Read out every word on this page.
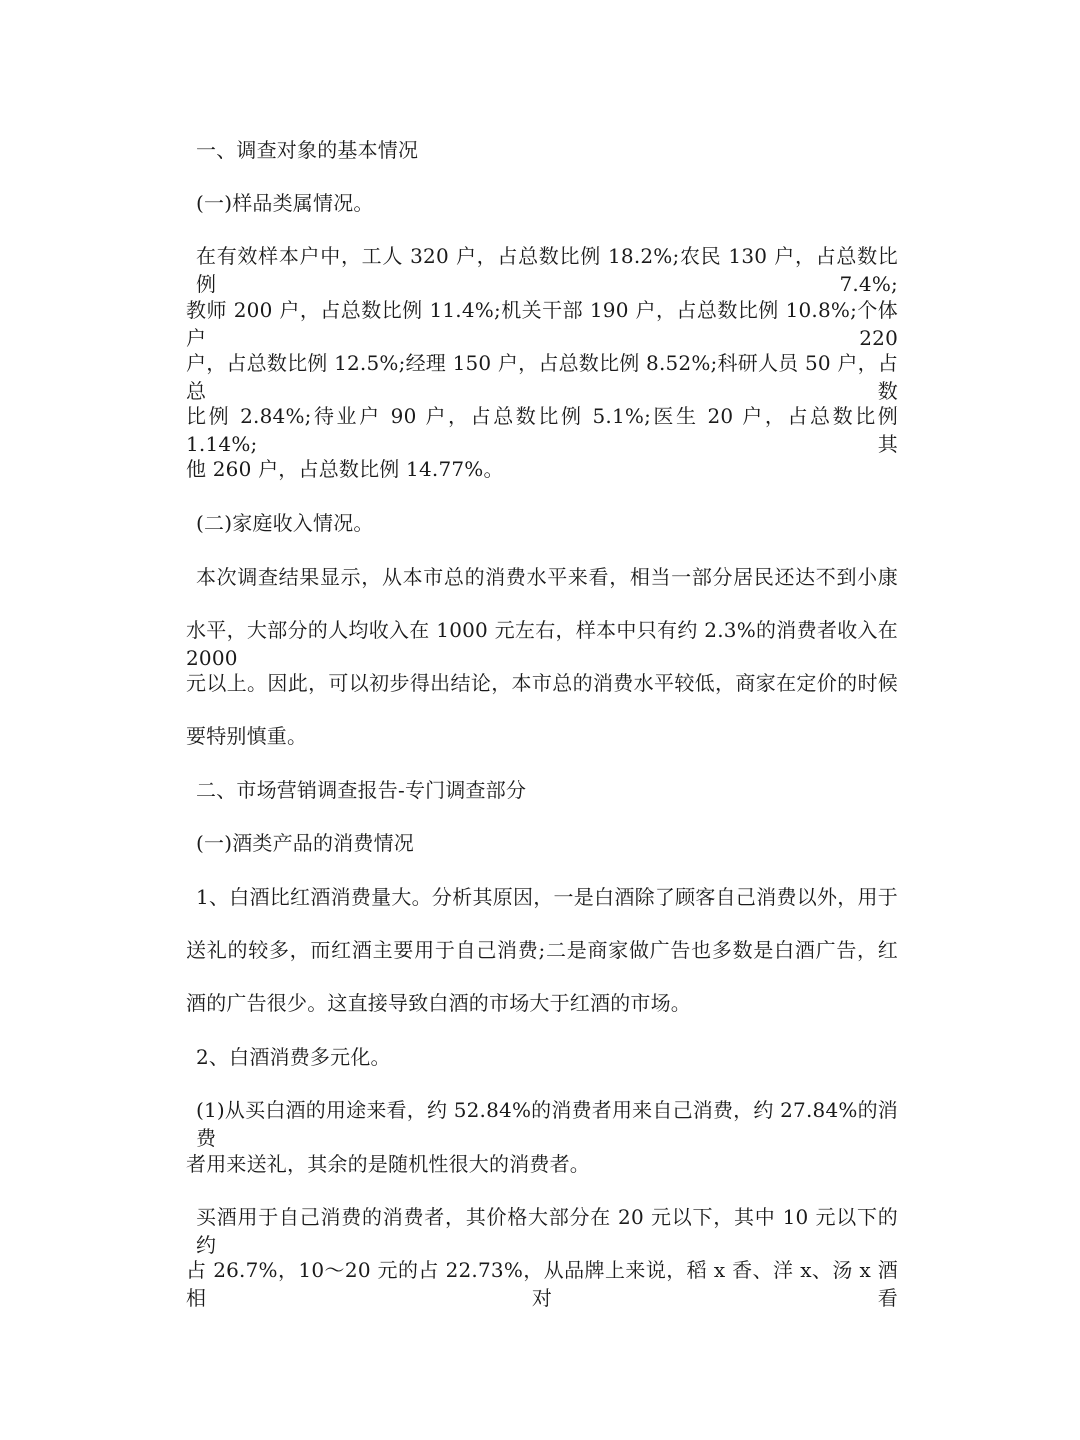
一、调查对象的基本情况
(一)样品类属情况。
在有效样本户中，工人 320 户，占总数比例 18.2%;农民 130 户，占总数比例 7.4%;
教师 200 户，占总数比例 11.4%;机关干部 190 户，占总数比例 10.8%;个体户 220
户，占总数比例 12.5%;经理 150 户，占总数比例 8.52%;科研人员 50 户，占总数
比例 2.84%;待业户 90 户，占总数比例 5.1%;医生 20 户，占总数比例 1.14%;其
他 260 户，占总数比例 14.77%。
(二)家庭收入情况。
本次调查结果显示，从本市总的消费水平来看，相当一部分居民还达不到小康
水平，大部分的人均收入在 1000 元左右，样本中只有约 2.3%的消费者收入在 2000
元以上。因此，可以初步得出结论，本市总的消费水平较低，商家在定价的时候
要特别慎重。
二、市场营销调查报告-专门调查部分
(一)酒类产品的消费情况
1、白酒比红酒消费量大。分析其原因，一是白酒除了顾客自己消费以外，用于
送礼的较多，而红酒主要用于自己消费;二是商家做广告也多数是白酒广告，红
酒的广告很少。这直接导致白酒的市场大于红酒的市场。
2、白酒消费多元化。
(1)从买白酒的用途来看，约 52.84%的消费者用来自己消费，约 27.84%的消费
者用来送礼，其余的是随机性很大的消费者。
买酒用于自己消费的消费者，其价格大部分在 20 元以下，其中 10 元以下的约
占 26.7%，10～20 元的占 22.73%，从品牌上来说，稻 x 香、洋 x、汤 x 酒相对看
